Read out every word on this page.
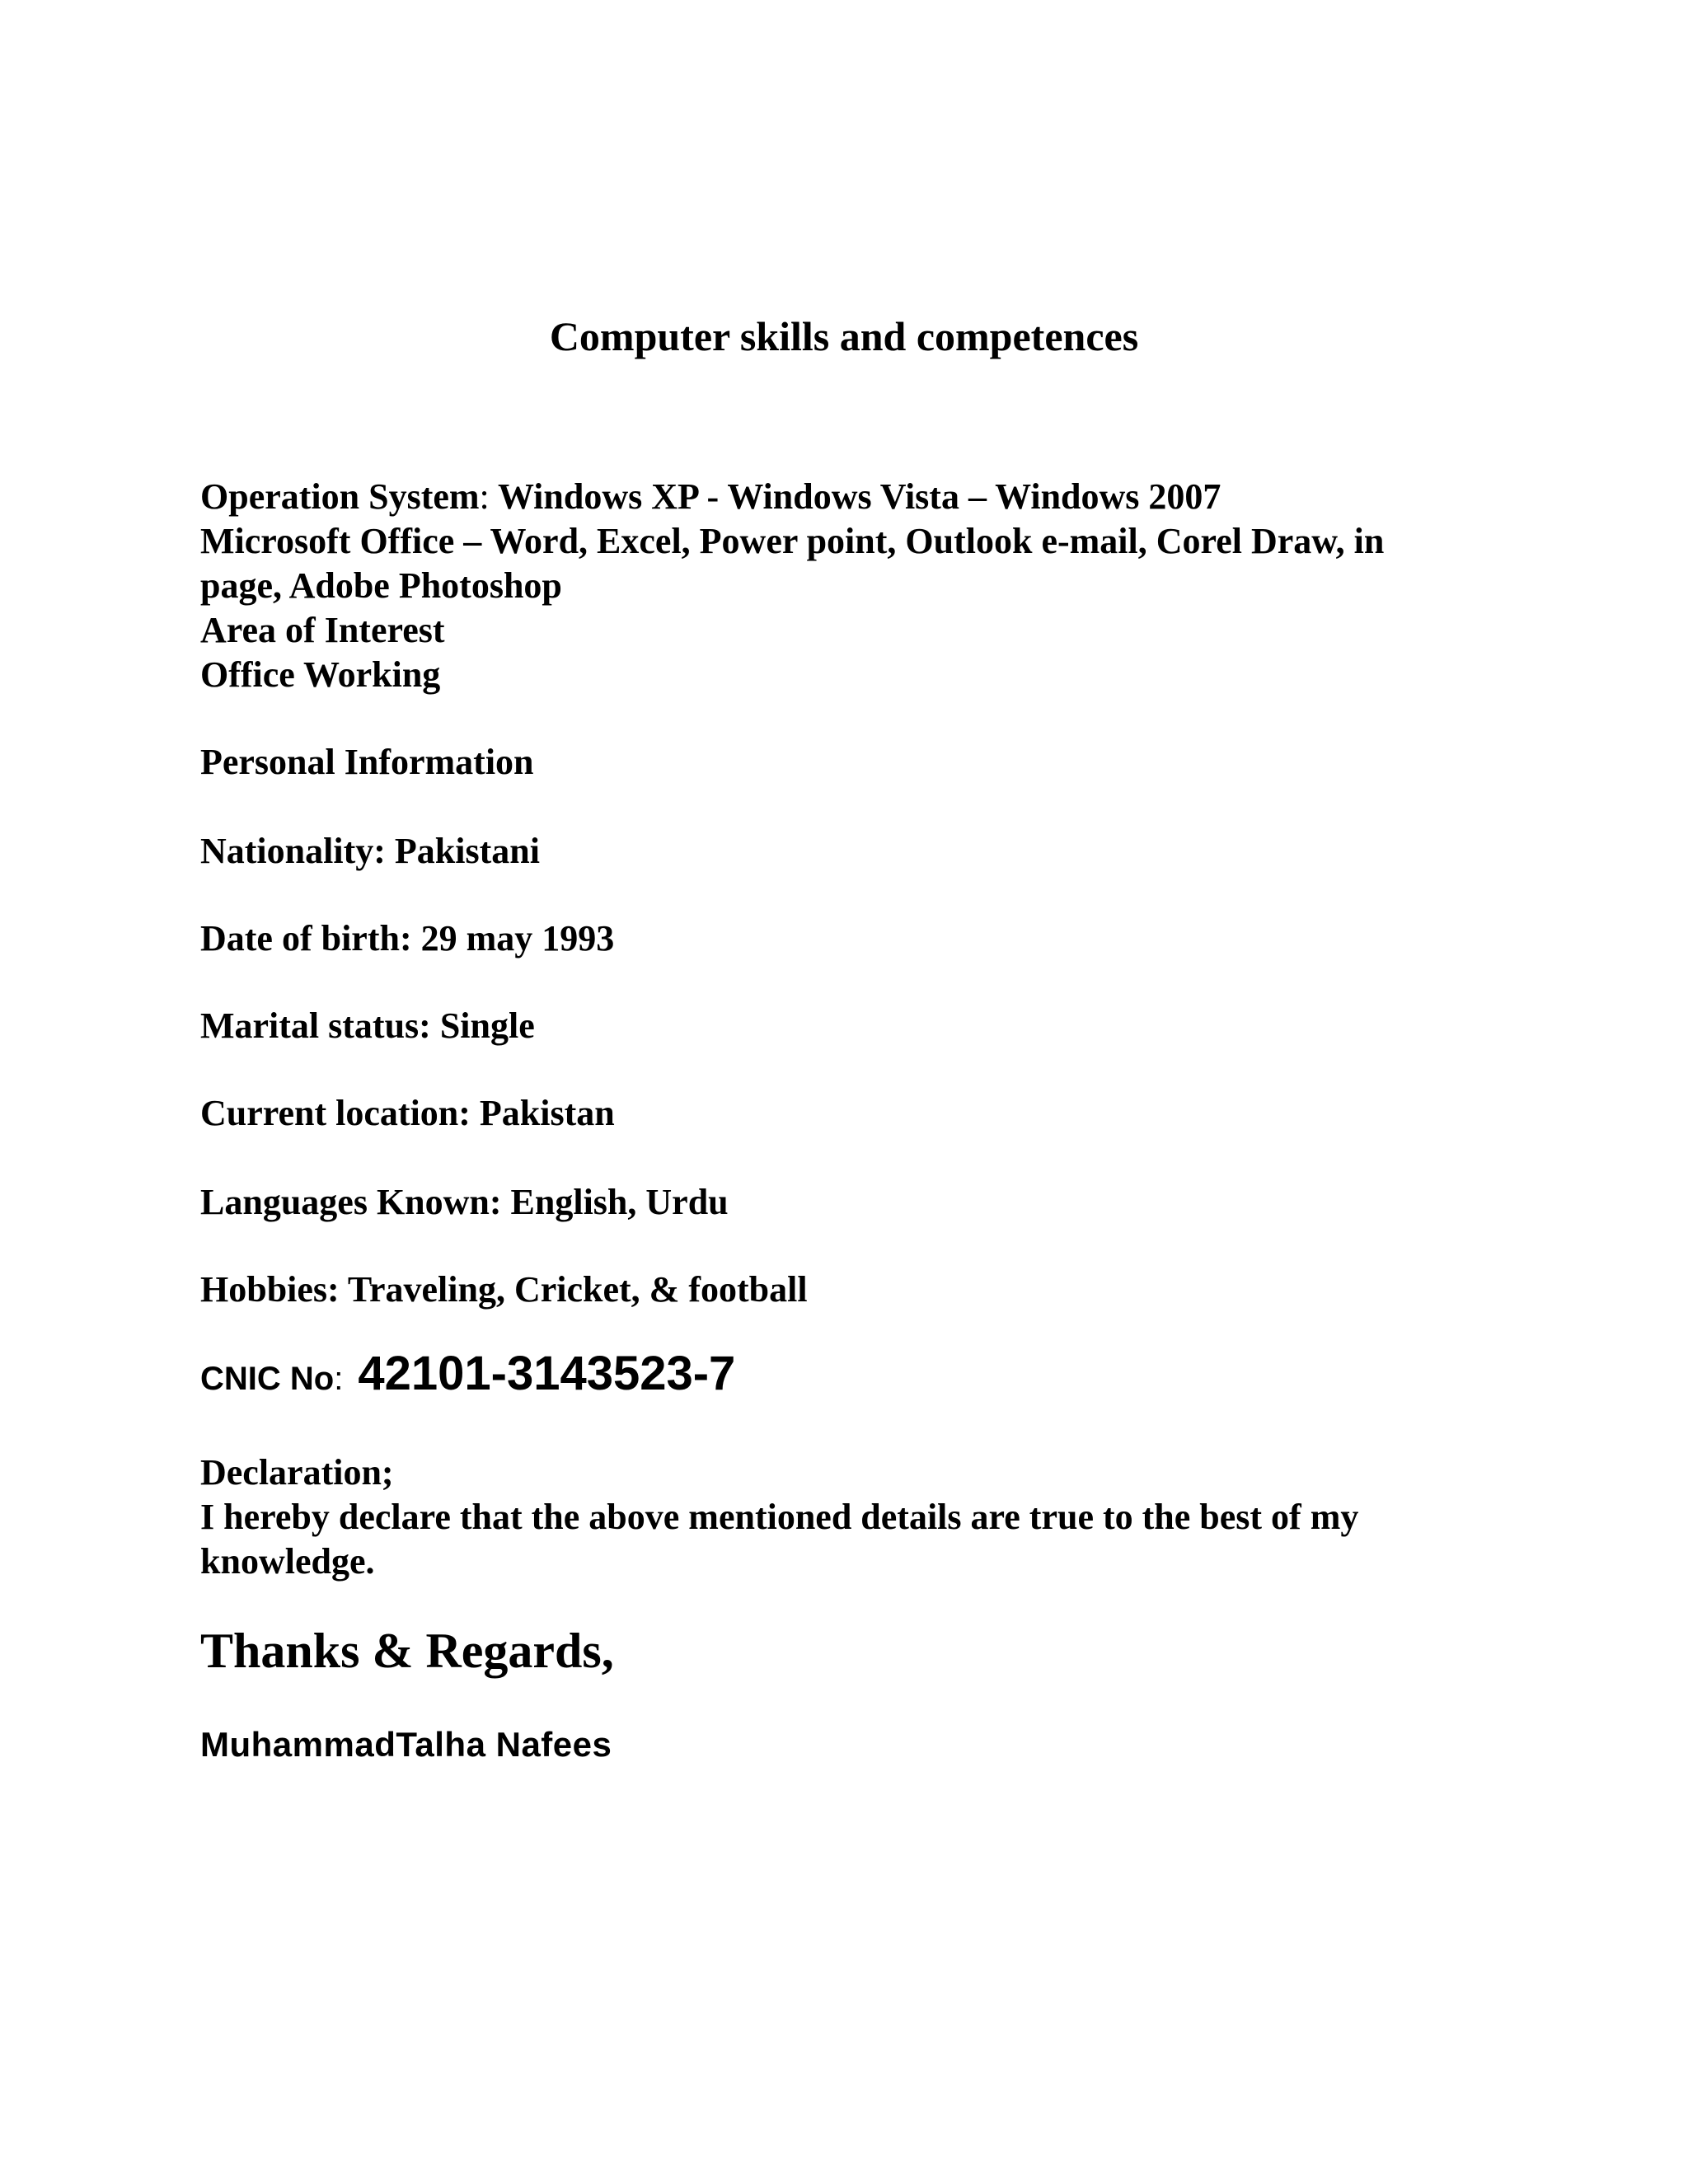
Computer skills and competences
Operation System: Windows XP - Windows Vista – Windows 2007
Microsoft Office – Word, Excel, Power point, Outlook e-mail, Corel Draw, in
page, Adobe Photoshop
Area of Interest
Office Working
Personal Information
Nationality: Pakistani
Date of birth: 29 may 1993
Marital status: Single
Current location: Pakistan
Languages Known: English, Urdu
Hobbies: Traveling, Cricket, & football
CNIC No: 42101-3143523-7
Declaration;
I hereby declare that the above mentioned details are true to the best of my
knowledge.
Thanks & Regards,
MuhammadTalha Nafees
